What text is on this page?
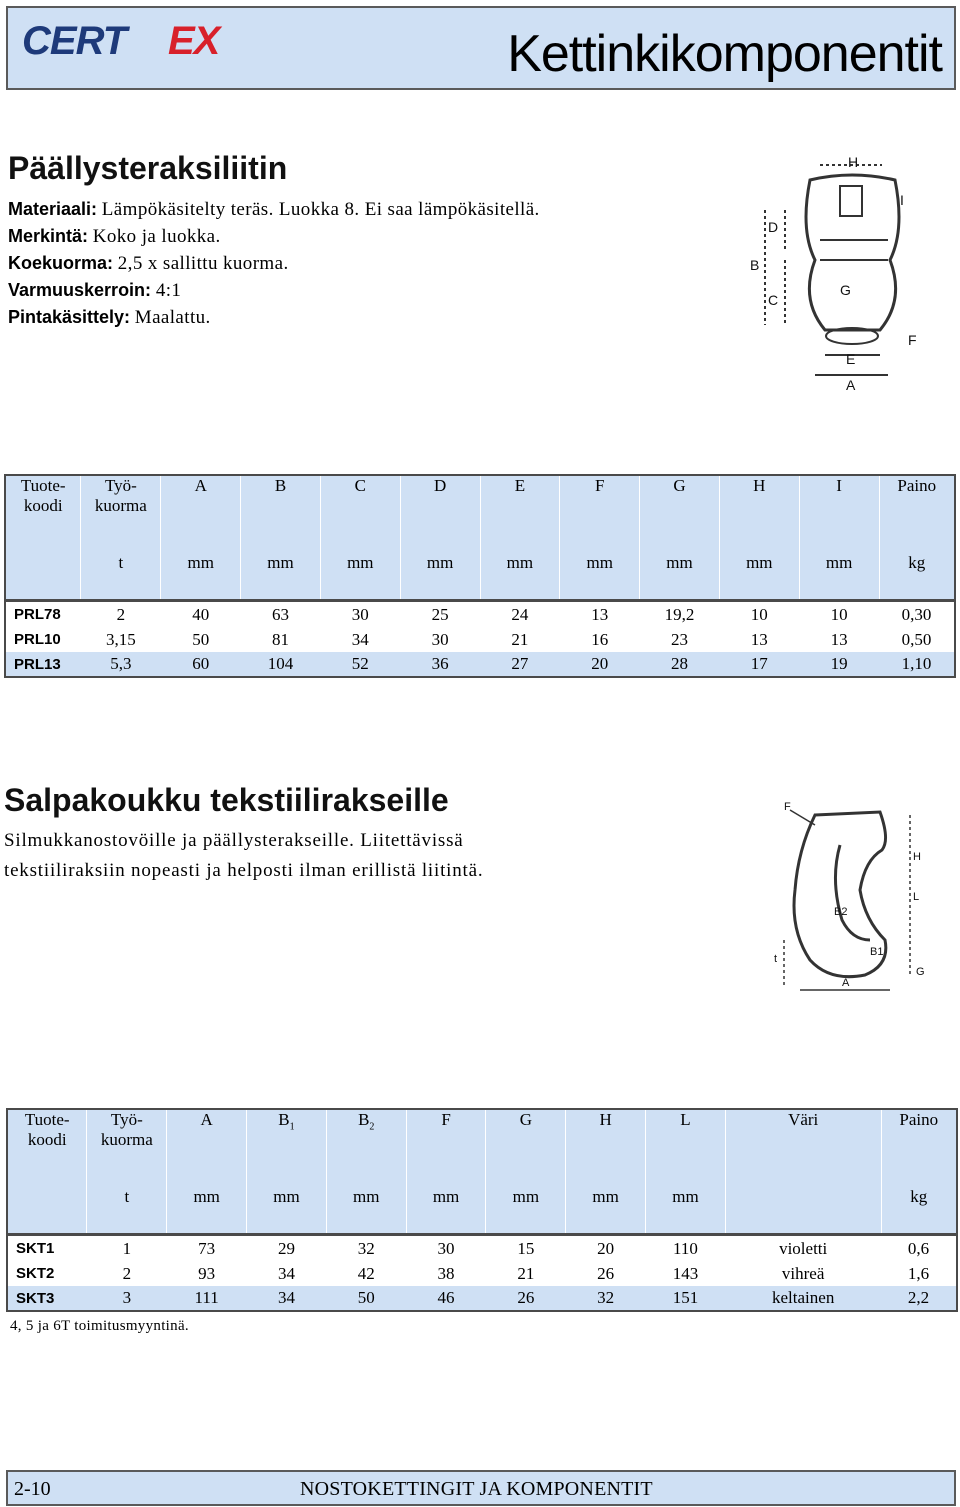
CERT EX	Kettinkikomponentit
Päällysteraksiliitin
Materiaali: Lämpökäsitelty teräs. Luokka 8. Ei saa lämpökäsitellä.
Merkintä: Koko ja luokka.
Koekuorma: 2,5 x sallittu kuorma.
Varmuuskerroin: 4:1
Pintakäsittely: Maalattu.
H
I
D
B
G
C
F
E
A
Tuote-
koodi	Työ-
kuorma	A	B	C	D	E	F	G	H	I	Paino
	t	mm	mm	mm	mm	mm	mm	mm	mm	mm	kg

PRL78	2	40	63	30	25	24	13	19,2	10	10	0,30
PRL10	3,15	50	81	34	30	21	16	23	13	13	0,50
PRL13	5,3	60	104	52	36	27	20	28	17	19	1,10
Salpakoukku tekstiilirakseille
Silmukkanostovöille ja päällysterakseille. Liitettävissä
tekstiiliraksiin nopeasti ja helposti ilman erillistä liitintä.
F
H
L
B2
B1
A
G
t
Tuote-
koodi	Työ-
kuorma	A	$B_1$	$B_2$	F	G	H	L	Väri	Paino
	t	mm	mm	mm	mm	mm	mm	mm		kg

SKT1	1	73	29	32	30	15	20	110	violetti	0,6
SKT2	2	93	34	42	38	21	26	143	vihreä	1,6
SKT3	3	111	34	50	46	26	32	151	keltainen	2,2
4, 5 ja 6T toimitusmyyntinä.
2-10	NOSTOKETTINGIT JA KOMPONENTIT
